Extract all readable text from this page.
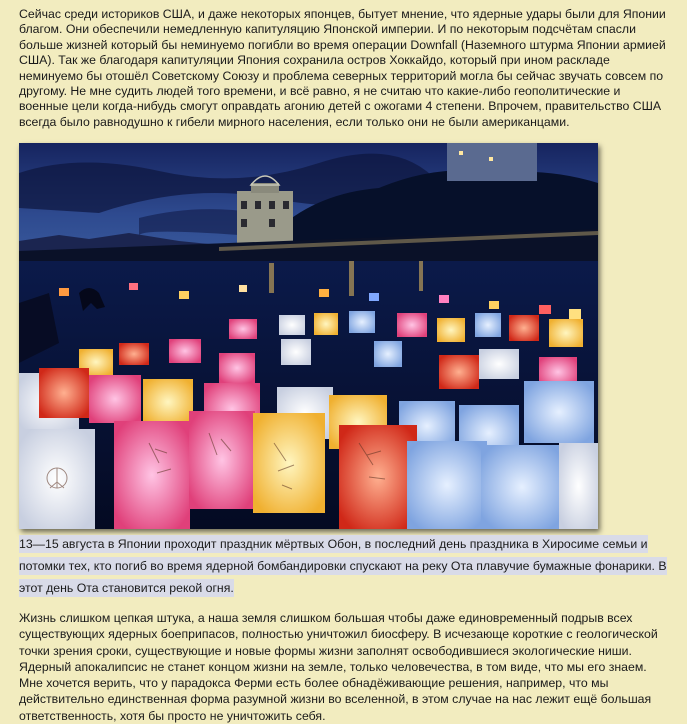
Сейчас среди историков США, и даже некоторых японцев, бытует мнение, что ядерные удары были для Японии благом. Они обеспечили немедленную капитуляцию Японской империи. И по некоторым подсчётам спасли больше жизней который бы неминуемо погибли во время операции Downfall (Наземного штурма Японии армией США). Так же благодаря капитуляции Япония сохранила остров Хоккайдо, который при ином раскладе неминуемо бы отошёл Советскому Союзу и проблема северных территорий могла бы сейчас звучать совсем по другому. Не мне судить людей того времени, и всё равно, я не считаю что какие-либо геополитические и военные цели когда-нибудь смогут оправдать агонию детей с ожогами 4 степени. Впрочем, правительство США всегда было равнодушно к гибели мирного населения, если только они не были американцами.

13—15 августа в Японии проходит праздник мёртвых Обон, в последний день праздника в Хиросиме семьи и потомки тех, кто погиб во время ядерной бомбандировки спускают на реку Ота плавучие бумажные фонарики. В этот день Ота становится рекой огня.

Жизнь слишком цепкая штука, а наша земля слишком большая чтобы даже единовременный подрыв всех существующих ядерных боеприпасов, полностью уничтожил биосферу. В исчезающе короткие с геологической точки зрения сроки, существующие и новые формы жизни заполнят освободившиеся экологические ниши. Ядерный апокалипсис не станет концом жизни на земле, только человечества, в том виде, что мы его знаем. Мне хочется верить, что у парадокса Ферми есть более обнадёживающие решения, например, что мы действительно единственная форма разумной жизни во вселенной, в этом случае на нас лежит ещё большая ответственность, хотя бы просто не уничтожить себя.
